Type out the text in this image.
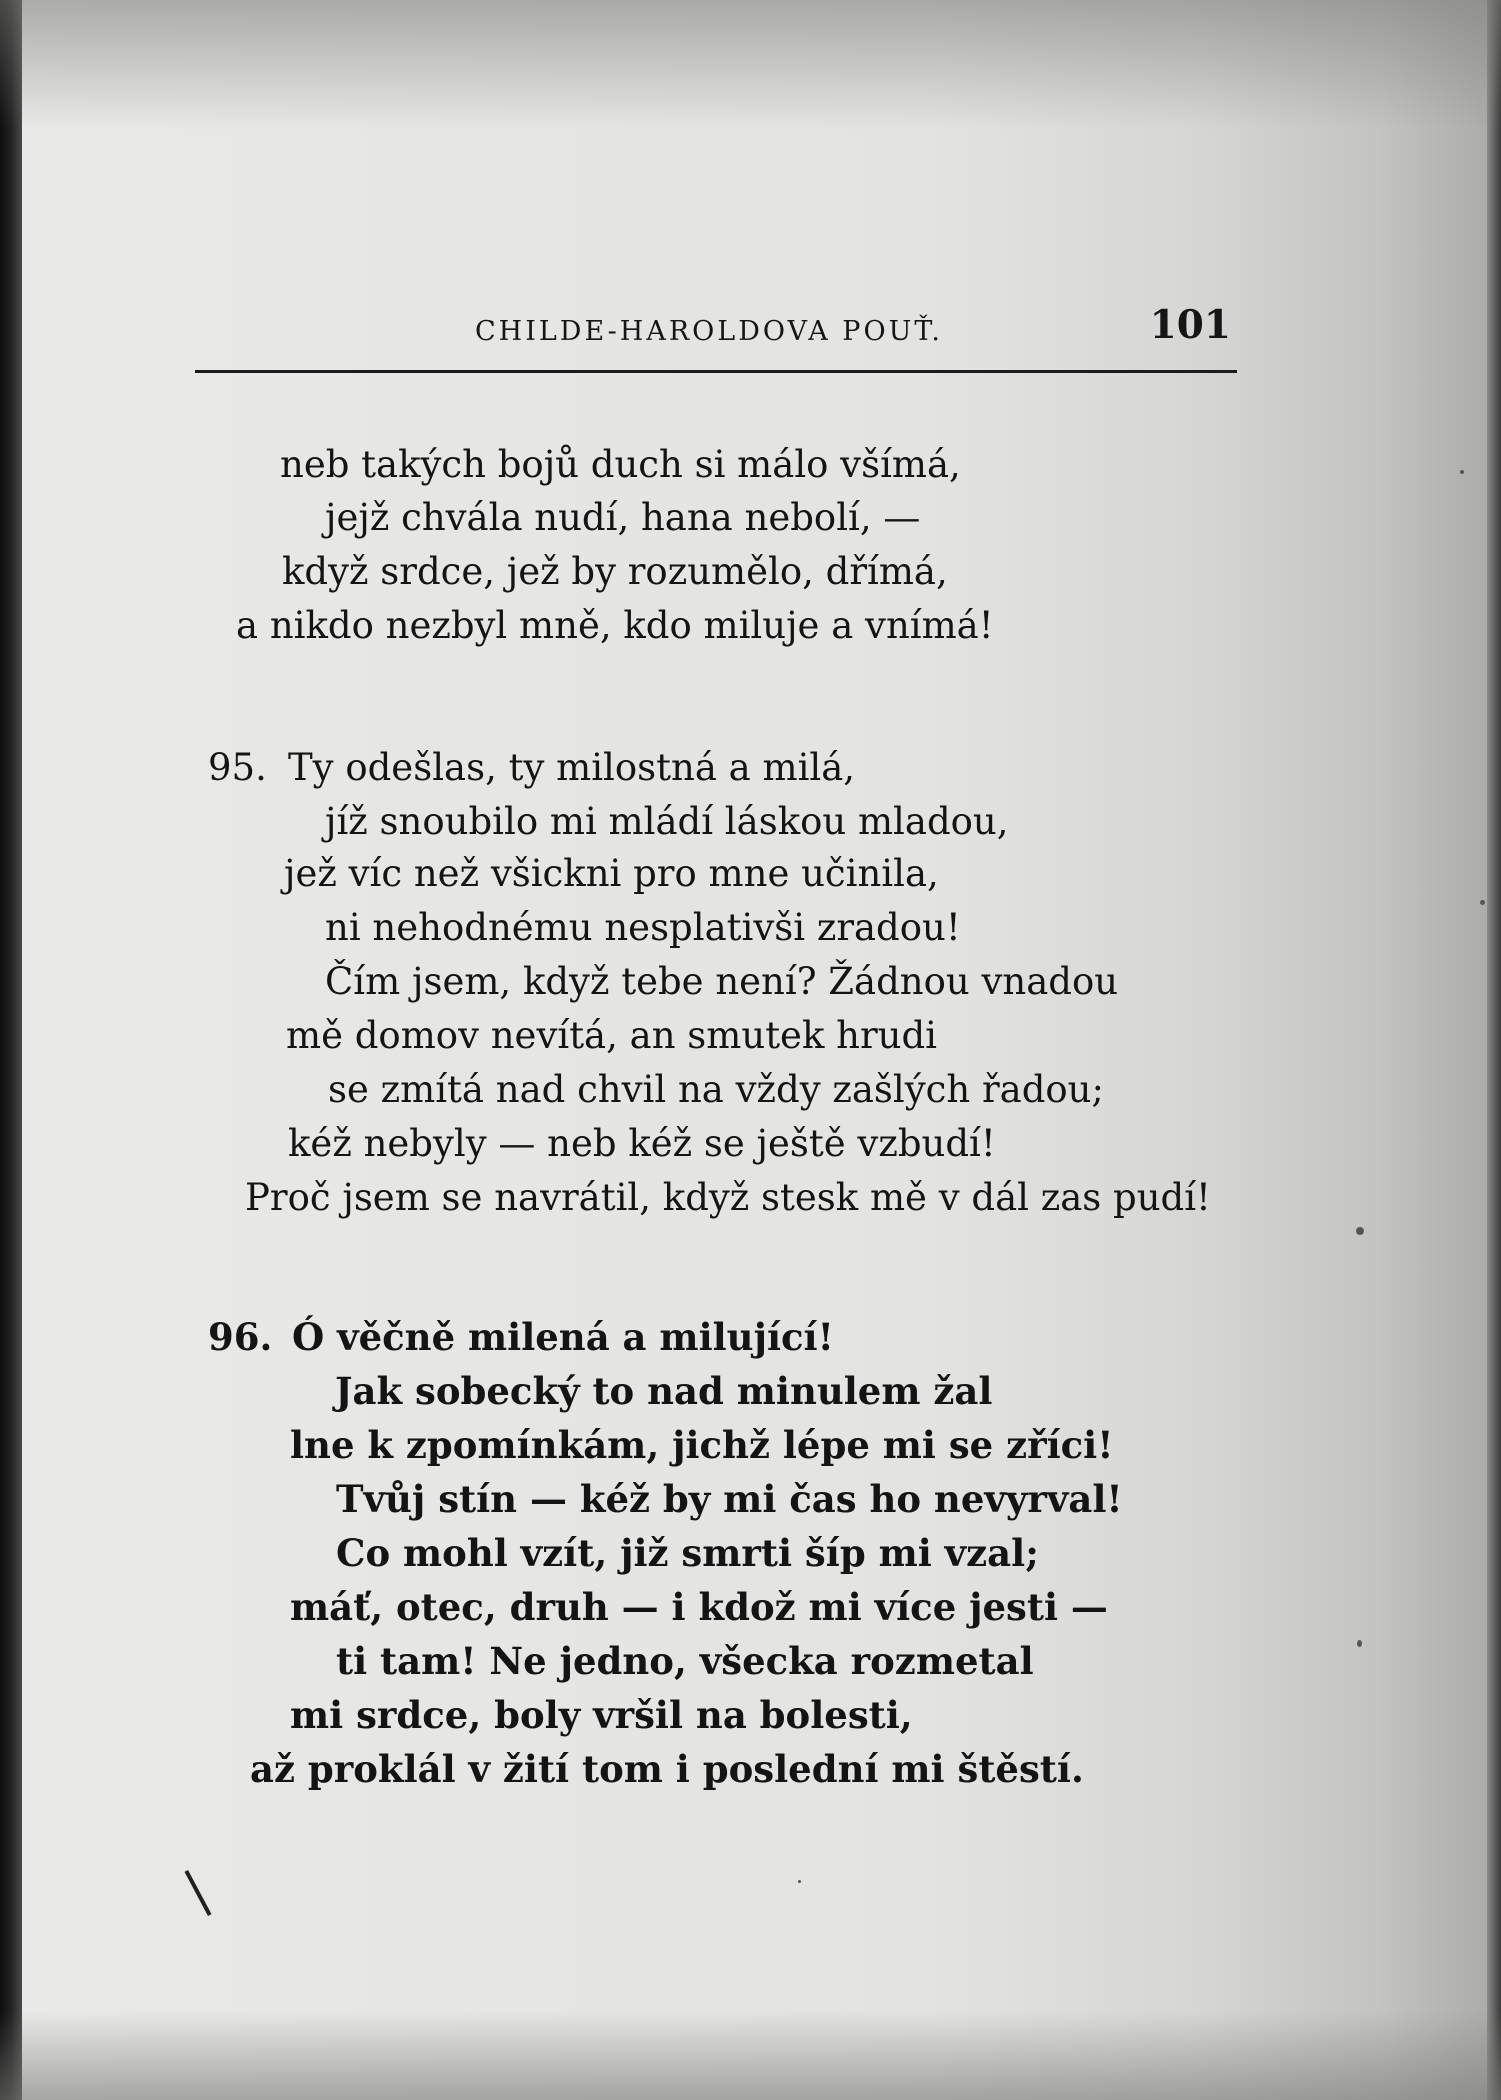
CHILDE-HAROLDOVA POUŤ.	101
neb takých bojů duch si málo všímá,
jejž chvála nudí, hana nebolí, —
když srdce, jež by rozumělo, dřímá,
a nikdo nezbyl mně, kdo miluje a vnímá!
95. Ty odešlas, ty milostná a milá,
jíž snoubilo mi mládí láskou mladou,
jež víc než všickni pro mne učinila,
ni nehodnému nesplativši zradou!
Čím jsem, když tebe není? Žádnou vnadou
mě domov nevítá, an smutek hrudi
se zmítá nad chvil na vždy zašlých řadou;
kéž nebyly — neb kéž se ještě vzbudí!
Proč jsem se navrátil, když stesk mě v dál zas pudí!
96. Ó věčně milená a milující!
Jak sobecký to nad minulem žal
lne k zpomínkám, jichž lépe mi se zříci!
Tvůj stín — kéž by mi čas ho nevyrval!
Co mohl vzít, již smrti šíp mi vzal;
máť, otec, druh — i kdož mi více jesti —
ti tam! Ne jedno, všecka rozmetal
mi srdce, boly vršil na bolesti,
až proklál v žití tom i poslední mi štěstí.
